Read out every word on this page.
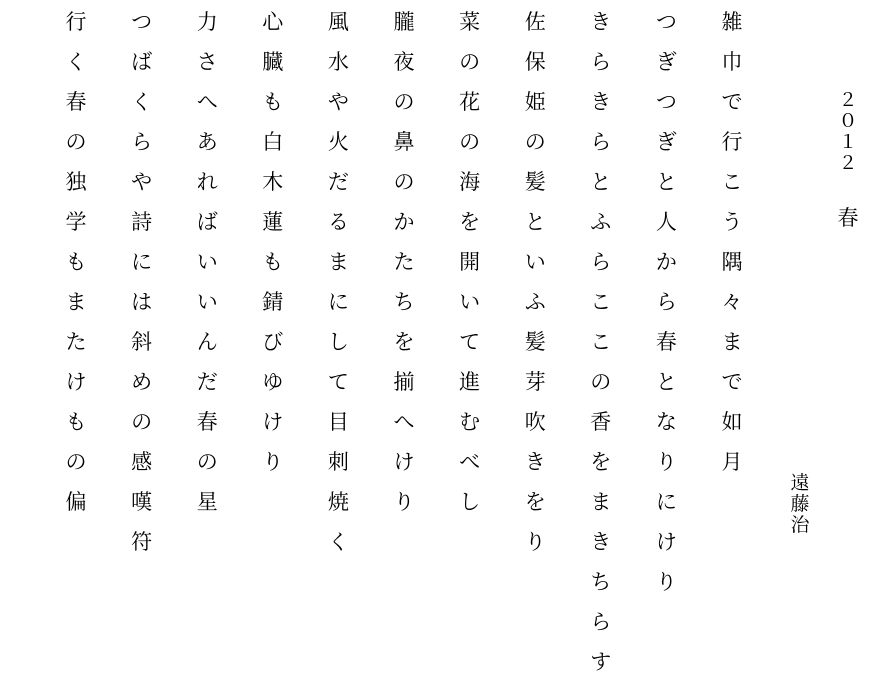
２
０
１
２
春
遠
藤
治
雑
巾
で
行
こ
う
隅
々
ま
で
如
月
つ
ぎ
つ
ぎ
と
人
か
ら
春
と
な
り
に
け
り
き
ら
き
ら
と
ふ
ら
こ
こ
の
香
を
ま
き
ち
ら
す
佐
保
姫
の
髪
と
い
ふ
髪
芽
吹
き
を
り
菜
の
花
の
海
を
開
い
て
進
む
べ
し
朧
夜
の
鼻
の
か
た
ち
を
揃
へ
け
り
風
水
や
火
だ
る
ま
に
し
て
目
刺
焼
く
心
臓
も
白
木
蓮
も
錆
び
ゆ
け
り
力
さ
へ
あ
れ
ば
い
い
ん
だ
春
の
星
つ
ば
く
ら
や
詩
に
は
斜
め
の
感
嘆
符
行
く
春
の
独
学
も
ま
た
け
も
の
偏
